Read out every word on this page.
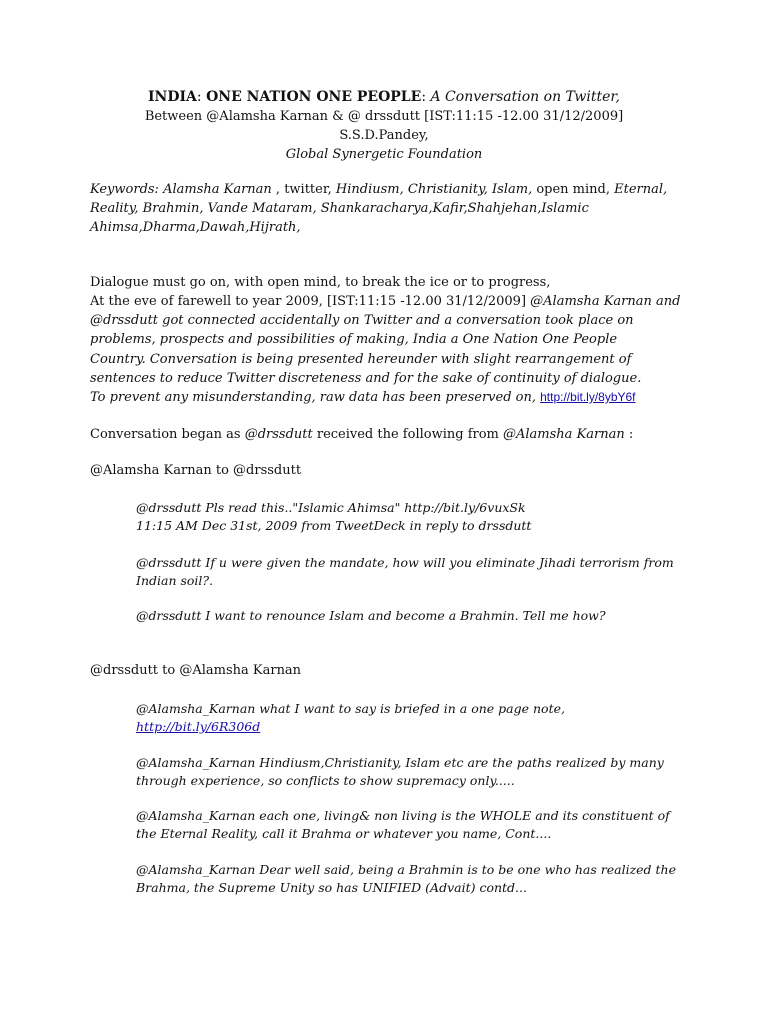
INDIA: ONE NATION ONE PEOPLE: A Conversation on Twitter,
Between @Alamsha Karnan & @ drssdutt [IST:11:15 -12.00 31/12/2009]
S.S.D.Pandey,
Global Synergetic Foundation
Keywords: Alamsha Karnan , twitter, Hindiusm, Christianity, Islam, open mind, Eternal,
Reality, Brahmin, Vande Mataram, Shankaracharya,Kafir,Shahjehan,Islamic
Ahimsa,Dharma,Dawah,Hijrath,
Dialogue must go on, with open mind, to break the ice or to progress,
At the eve of farewell to year 2009, [IST:11:15 -12.00 31/12/2009] @Alamsha Karnan and
@drssdutt got connected accidentally on Twitter and a conversation took place on
problems, prospects and possibilities of making, India a One Nation One People
Country. Conversation is being presented hereunder with slight rearrangement of
sentences to reduce Twitter discreteness and for the sake of continuity of dialogue.
To prevent any misunderstanding, raw data has been preserved on, http://bit.ly/8ybY6f
Conversation began as @drssdutt received the following from @Alamsha Karnan :
@Alamsha Karnan to @drssdutt
@drssdutt Pls read this.."Islamic Ahimsa" http://bit.ly/6vuxSk
11:15 AM Dec 31st, 2009 from TweetDeck in reply to drssdutt
@drssdutt If u were given the mandate, how will you eliminate Jihadi terrorism from
Indian soil?.
@drssdutt I want to renounce Islam and become a Brahmin. Tell me how?
@drssdutt to @Alamsha Karnan
@Alamsha_Karnan what I want to say is briefed in a one page note,
http://bit.ly/6R306d
@Alamsha_Karnan Hindiusm,Christianity, Islam etc are the paths realized by many
through experience, so conflicts to show supremacy only.....
@Alamsha_Karnan each one, living& non living is the WHOLE and its constituent of
the Eternal Reality, call it Brahma or whatever you name, Cont....
@Alamsha_Karnan Dear well said, being a Brahmin is to be one who has realized the
Brahma, the Supreme Unity so has UNIFIED (Advait) contd...
